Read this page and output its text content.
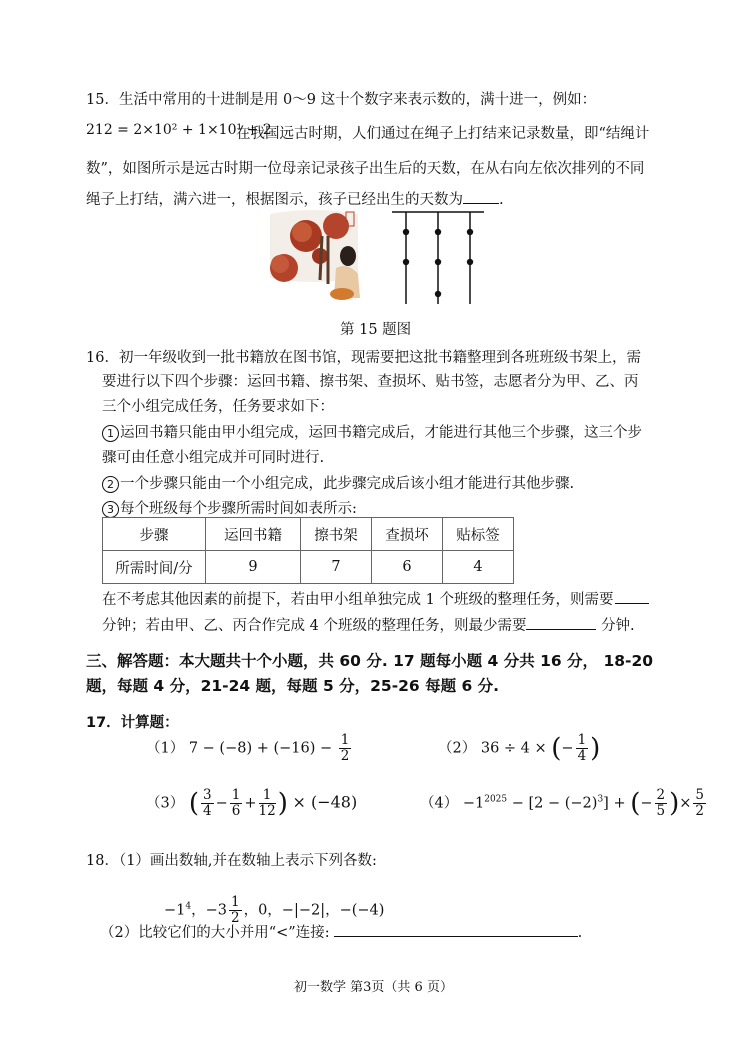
15．生活中常用的十进制是用 0～9 这十个数字来表示数的，满十进一，例如：
212 = 2×10² + 1×10¹ + 2
在我国远古时期，人们通过在绳子上打结来记录数量，即“结绳计
数”，如图所示是远古时期一位母亲记录孩子出生后的天数，在从右向左依次排列的不同
绳子上打结，满六进一，根据图示，孩子已经出生的天数为 .
第 15 题图
16．初一年级收到一批书籍放在图书馆，现需要把这批书籍整理到各班班级书架上，需
要进行以下四个步骤：运回书籍、擦书架、查损坏、贴书签，志愿者分为甲、乙、丙
三个小组完成任务，任务要求如下：
1 运回书籍只能由甲小组完成，运回书籍完成后，才能进行其他三个步骤，这三个步
骤可由任意小组完成并可同时进行.
2 一个步骤只能由一个小组完成，此步骤完成后该小组才能进行其他步骤.
3 每个班级每个步骤所需时间如表所示:
步骤	运回书籍	擦书架	查损坏	贴标签
所需时间/分	9	7	6	4
在不考虑其他因素的前提下，若由甲小组单独完成 1 个班级的整理任务，则需要
分钟；若由甲、乙、丙合作完成 4 个班级的整理任务，则最少需要	分钟.
三、解答题：本大题共十个小题，共 60 分. 17 题每小题 4 分共 16 分， 18-20
题，每题 4 分，21-24 题，每题 5 分，25-26 每题 6 分.
17．计算题：
（1） $7 - (-8) + (-16) - \frac{1}{2}$	（2） 36 ÷ 4 × (− $\frac{1}{4}$ )
（3） ( $\frac{3}{4} - \frac{1}{6} + \frac{1}{12}$ ) × (−48)	$(4) -1^{2025} - [2 - (-2)^3]$ + (− $\frac{2}{5}$ )× $\frac{5}{2}$
18．（1）画出数轴,并在数轴上表示下列各数:
$-1^4$，$-3 \frac{1}{2}$ ，0，−|−2|，−(−4)
（2）比较它们的大小并用“<”连接:	.
初一数学 第3页（共 6 页）
